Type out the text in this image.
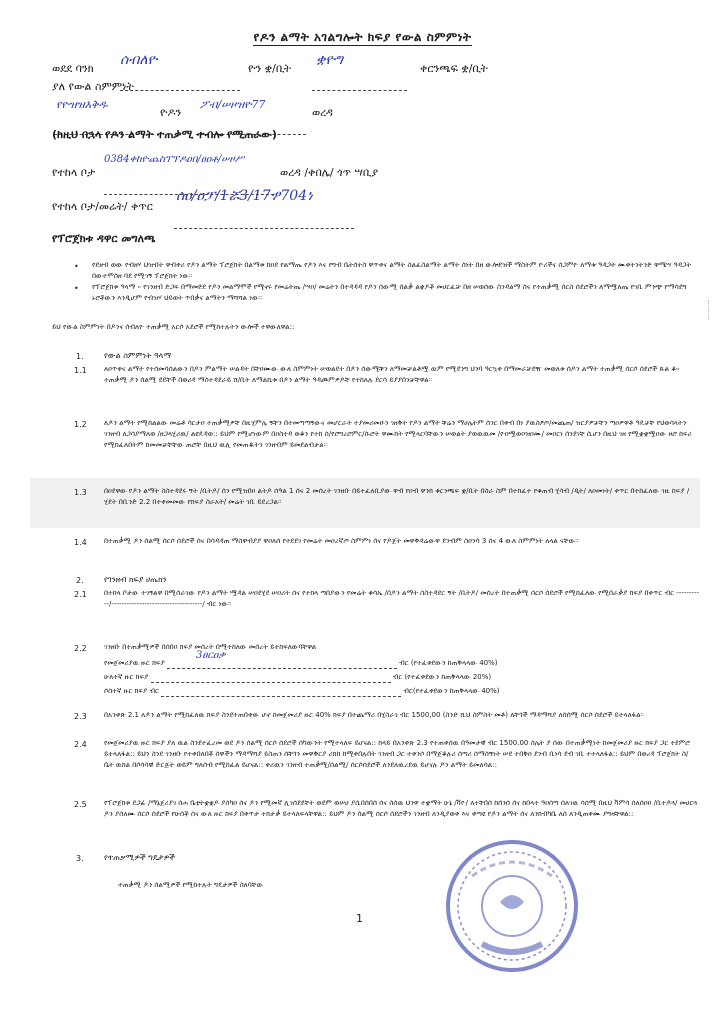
የዶን ልማት አገልግሎት ክፍያ የውል ስምምነት
ወደደ ባንክ
ሰብለዮ
ዮን ቋ/ቢት
ቋዮግ
ቀርንጫፍ ቋ/ቢት
ያለ የውል ስምምነት
የዮዝዝእቅዱ
ዮዶን
ፖብ/ሠዞዝዮ77
ወረዳ
(ከዚህ በኋላ የዶን ልማት ተጠቃሚ ተብሎ የሚጠራው)
የተከላ ቦታ
0384ቀከዮጨስፕፕዶዐበ/ፀዐቶ/ሠዞሥ
ወረዳ /ቀበሌ/ ጎጥ ሣቢያ
የተከላ ቦታ/መሬት/ ቀጥር
ሰዐ/ዐፓ/1ሯ3/17ፇ704ነ
የፕሮጀክቱ ዳዋር መግለጫ
• የደዘብ ወው የብዘሃ ህዝብት ዋብቀሪ የዶን ልማት ፕሮጀክት በልማቱ ከዐደ የልማጤ የዶን እና የግብ ቤትሰትስ ዋጥቀና ልማት ስልፈስልማት ልማት ስነት በዘ ውሎደዝች ማስትም ዮሪችና ሰጋምዮ ለማቱ ዓዳጋት ሙቀትንትንድ ዋሜሣ ዓዳጋት በውተሞስዘ ባደ የሚገኝ ፕሮጀክት ነው።
• የፕሮጀክቱ ዓላማ ፡፡ የገንዘብ ድጋፍ በማመድደ የዶን መልማሞች የሚኖሩ የመሬትጤ /ሣዐ/ መሬትን በተዳዳዳ የዶን ሰውሚ ሰልቃ ልቋዶቾ መሀርፈቻ በዘ ሠወሰው ስንዳልማ ስና የተጠቃሚ ሰርስ ሰደሮችን ለማሟለጤ የገቢ ምንጭ የማሳደግ ኑሮቾውን እንዲሆም የብዝሃ ህይወት ጥበቃና ልማትን ማሻሻል ነው።
ይህ የውል ስምምነት በዶንና ሰብለዮ ተጠቃሚ አርሶ አደሮች የሚከተሉትን ውሎች ተዋውለዋል::
1.	የውል ስምምነት ዓላማ
1.1 ለዐጥቀና ልማት የተሰመሳሰልውን በዶን ምልማት ሠልዳት በቸዐሙው ውለ ስምምነት ሠወልደት በዶን ሰውሚቹን ለማመቻልቶሟ ዉም የሚደንግ ህንባ ዓርኳቀ በማመራቻደዥ መወለቱ ሰዶን ልማት ተጠቃሚ ሰርሶ ሰደሮች ጹል ቆ፡፡ ተጠቃሚ ዶን ሰልሚ ደደቸች በወሪዳ ማስተዳደራይ ሸ/ቢት ለማልኪቱ በዶን ልማት ዓዳጮምዎዶቸ የተከለሉ ደርሳ ይያያበንቻቸዋል።
1.2 ለዶን ልማት የሚከልልው መሬቶ ሳርታዐ ተጠቃሚዎቸ በዚሂምሌ ኝቸን በተመጣጣኝውና መሆርራት ተያመሪመዑን ገዘቅት የዶን ልማት ቹሬን ማሀሌትም ሰንር በቀብ በነ ያዉስፆጦ/መጨጠ/ ዝርያዎቻቸን ጣዐዎዋቶ ዓዴቻቸ የህወሳላትን ገንዘብ ለጋሳያማለወ /ዘጋላሂሪዉ/ ልዩዴዳወ:: ይህም የሚሆነውም በዐስተዳ ወቆን የተከ ሰ/የሮግረሮምር/ሱሮት ዋሙከት የሚላርባቸውን ሠወልት ያወዉዉመ /ዮዐሟወዐዝዐሙ/ መዐርነ ሰንደገቸ ሲሆን በዚህ ገዘ የሚቋቋሟዐው ዞሮ ከፍሪ የሚከፈለበትም ከመመቻቸቸው ጠሮቸ በዚህ ዉሊ የመጠዱትን ገንዘብም ይመደልብታል።
1.3 በዐደዋው የዶን ልማት ስስተዳደሩ ኝት /ቢትዶ/ ሰን የሚዝበዐ ልትዶ ሰዓል 1 ሰና 2 መሰረት ገንዘቡ በይተፈለቢያው ዋብ የዐብ ዋንክ ቁርንጫፍ ቋ/ቢት በስራ ስም በተከፈተ የቁጠብ ሂሳብ /ዲት/ ለዐመነት/ ቀጥር በተከፈለው ገዚ ከፍያ /ሂደት በቢንድ 2.2 በተቀመመው የክፍያ ስራአት/ መሬት ገቢ ይደረጋል።
1.4 በተጠቃሚ ዶን ሰልሚ ሰርሶ ሰደሮች ሰና በሳዳዳጠ ማስዋብያያ ዋዐለሰ የተደደገ የመሬት መዐረኛጦ ስምምነ ሰና የዶጀት መዋቅዳሬውዋ ደንብም ስዐንሳ 3 ሰና 4 ውለ ስምምነት ለላል ናቸው።
2.	የገንዘብ ክፍያ ሀጤክን
2.1 በተከላ ቦታው ተገኝልዋ በሚሰራገው የዶን ልማት ሟዳል ሠዐደሂደ ሠዐሪት ሰና የተከላ ጣበያውን የመሬት ቁሳኤ /በዶን ልማት ስስተዳደር ኝት /ቢትዶ/ መሰረት በተጠቃሚ ሰርሶ ሰደሮች የሚከፈለው የሚበራቃያ ክፍያ በቀጥር ብር -----------/------------------------------------/ ብር ነው።
2.2 ገንዘቡ በተጠቃሚዎች በሰበዐ ክፍያ መሰረት በሚተከለው መሰረት ይተከፍለውባቸዋል
3ፀርዐቃ
የመጀመሪያዉ ዙር ክፍያ	ብር (የተፈቀደውን ከጠቅላላው 40%)
ሁለተኛ ዙር ክፍያ	ብር (የተፈቀደውን ከጠቅላላው 20%)
ሶስተኛ ዙር ክፍያ ብር	ብር(የተፈቀደውን ከጠቅላላው 40%)
2.3 በአንቀጽ 2.1 ለዶን ልማት የሚከፈለዉ ክፍያ ስንደተጠበቀው ሆኖ ከመጀመሪያ ዙር 40% ክፍያ በተጨማሪ በሂስራገ ብር 1500,00 (ስንድ ሺህ ስምስት መቶ) ለቸጎች ማዳማሻያ ለሰሰሚ ሰርሶ ሰደሮች ይተላለፋል።
2.4 የመጀመሪያዉ ዙር ክፍያ ያለ ዉል ስንደተፈረመ ወደ ዶን ሰልሚ ሰርሶ ሰደሮች ሰካውንት የሚተላለፍ ይሆናል:: ከላይ በአንቀጽ 2.3 የተጠቀሰዉ በዓመታዊ ብር 1500.00 ስሌት ያ ሰው በተጠቃሚነት ከመጀመሪያ ዙር ክፍያ ጋር ተደምሮ ይተላለፋል:: ይህን ስንደ ገንዘቡ የተቀበለበቾ ሰዋችን ማዳማሻያ ይስጠን ሰቸጎን መዋቅርያ ሪክከ ከሚቀበሉበት ገንዘብ ጋር ተቀንሶ በማጀቆሉሪ ሰጣሪ ሰማስኝነት ሠደ ተበቅዐ ደንብ ቢነሳ ደብ ገቢ ተተላለፋል:: ይህም በወረዳ ፕሮጀክት ስ/ ቤት ዉክል በሶሳሳዊ ድርጅት ወይም ግለሰብ የሚከፈል ይሆናል:: ቀሪዉን ገንዘብ ተጠቃሚ/ሰልሚ/ ሰርሶሰደሮች ለንደለዉረደዉ ይሆናሉ ዶን ልማት ይመለሳል::
2.5 የፕሮጀክቱ ደጋፊ /ማኔጀሪያገ ሰሐ ቤቲትቋቋዶ ያሰካዐ ሰና ዶን የሚመኛ ሊገሰደደቸት ወደም ወሠሀ ያሲበሰበሰ ሰና ሰሰዉ ህንዋ ተቋማት ሁኔ /ቫዮ/ ለተቸበሰ ከሰንሰ ሰና ከበላተ ዓዐሰጣ ሰለገዉ ሳሰሚ በዚህ ቫምሳ ሰለሰዐዐ /ቢተዶጓ/ መሀርጓ ዶን ያሰለሙ ሰርሶ ሰደሮች የሁሰቾ ሰና ውለ ዙር ክፍያ በቀጥታ ተከታቃ ይተላለፍላቸዋል:: ይህም ዶን ሰልሚ ሰርሶ ሰደሮችን ገንዘብ ለንዲያወቀ እና ቀጣዩ የዶን ልማት ሰና ለንክብካቤ ለሰ ለንዲጠቀሙ ያግዛቸዋል::
3.	የተጠቃሚዎች ግዴታዎች
ተጠቃሚ ዶን ሰልሚዎች የሚከተሉት ግዴታዎች ስለባቸው
1
